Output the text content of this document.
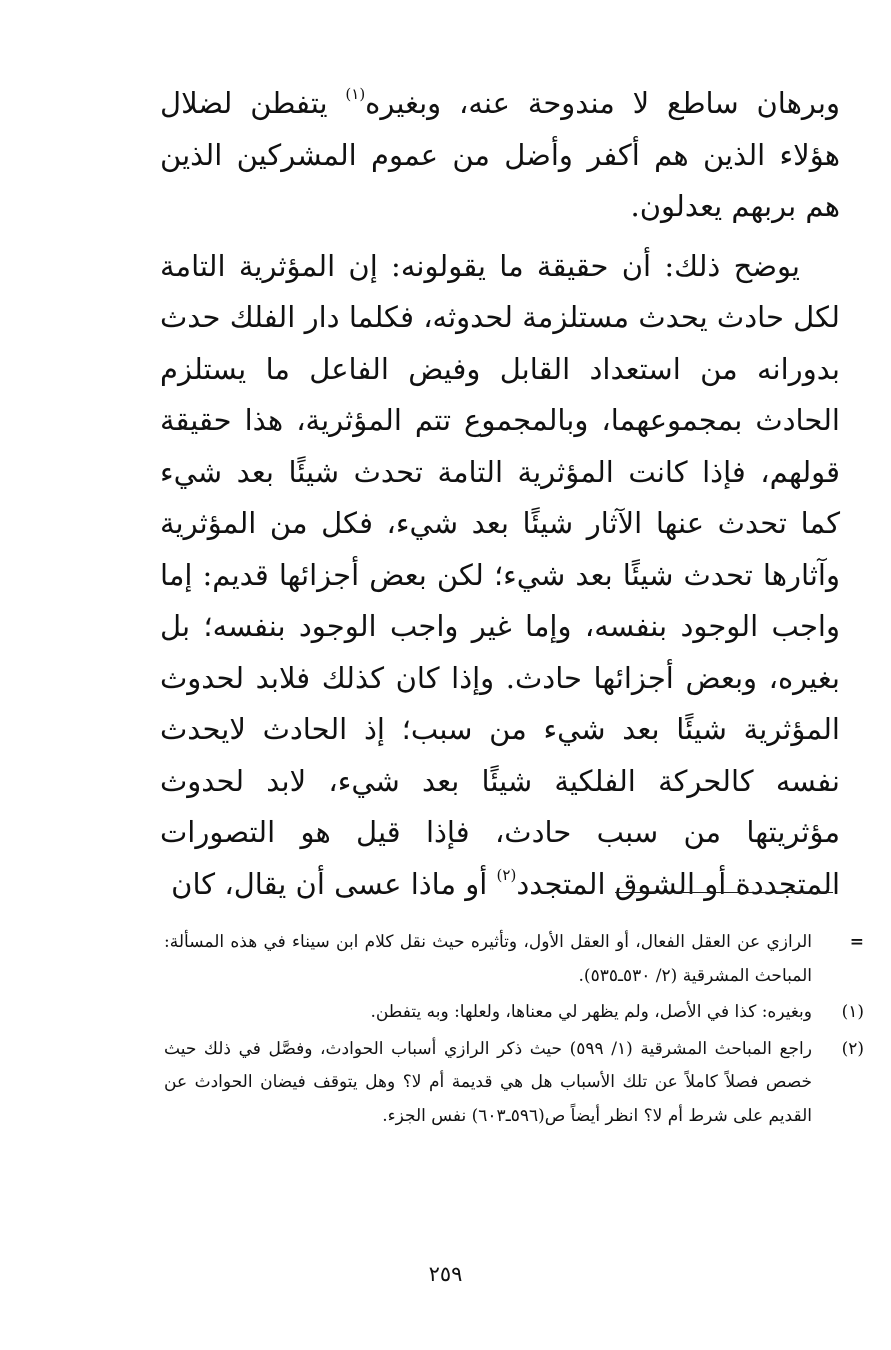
وبرهان ساطع لا مندوحة عنه، وبغيره$^{(١)}$ يتفطن لضلال هؤلاء الذين هم أكفر وأضل من عموم المشركين الذين هم بربهم يعدلون.

يوضح ذلك: أن حقيقة ما يقولونه: إن المؤثرية التامة لكل حادث يحدث مستلزمة لحدوثه، فكلما دار الفلك حدث بدورانه من استعداد القابل وفيض الفاعل ما يستلزم الحادث بمجموعهما، وبالمجموع تتم المؤثرية، هذا حقيقة قولهم، فإذا كانت المؤثرية التامة تحدث شيئًا بعد شيء كما تحدث عنها الآثار شيئًا بعد شيء، فكل من المؤثرية وآثارها تحدث شيئًا بعد شيء؛ لكن بعض أجزائها قديم: إما واجب الوجود بنفسه، وإما غير واجب الوجود بنفسه؛ بل بغيره، وبعض أجزائها حادث. وإذا كان كذلك فلابد لحدوث المؤثرية شيئًا بعد شيء من سبب؛ إذ الحادث لايحدث نفسه كالحركة الفلكية شيئًا بعد شيء، لابد لحدوث مؤثريتها من سبب حادث، فإذا قيل هو التصورات المتجددة أو الشوق المتجدد$^{(٢)}$ أو ماذا عسى أن يقال، كان

=
الرازي عن العقل الفعال، أو العقل الأول، وتأثيره حيث نقل كلام ابن سيناء في هذه المسألة: المباحث المشرقية (٢/ ٥٣٠ـ٥٣٥).
(١)
وبغيره: كذا في الأصل، ولم يظهر لي معناها، ولعلها: وبه يتفطن.
(٢)
راجع المباحث المشرقية (١/ ٥٩٩) حيث ذكر الرازي أسباب الحوادث، وفصَّل في ذلك حيث خصص فصلاً كاملاً عن تلك الأسباب هل هي قديمة أم لا؟ وهل يتوقف فيضان الحوادث عن القديم على شرط أم لا؟ انظر أيضاً ص(٥٩٦ـ٦٠٣) نفس الجزء.
٢٥٩
